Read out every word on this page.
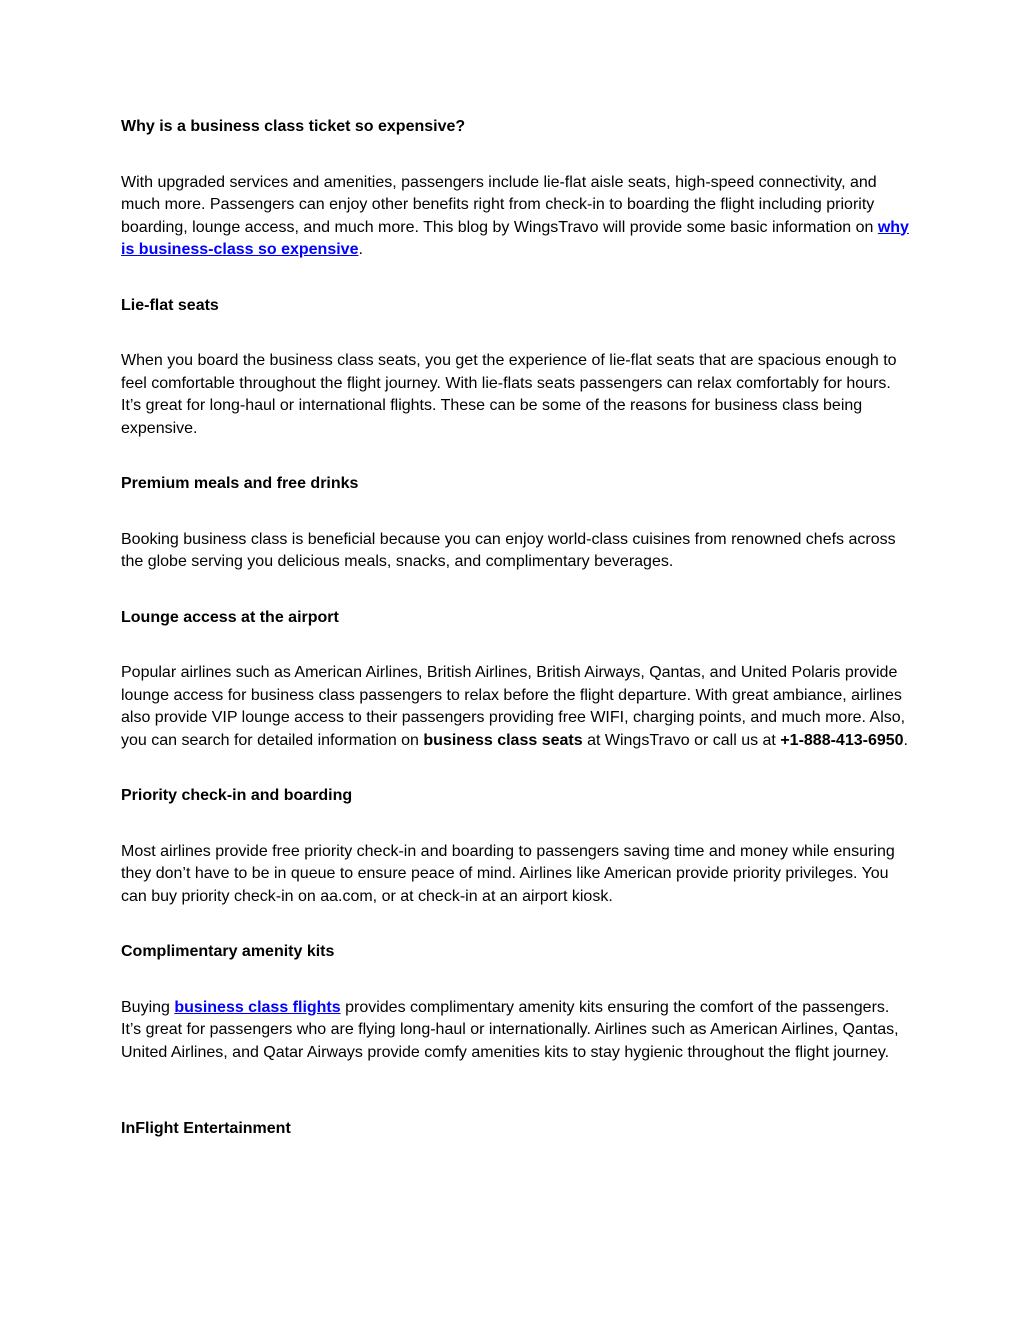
Why is a business class ticket so expensive?

With upgraded services and amenities, passengers include lie-flat aisle seats, high-speed connectivity, and much more. Passengers can enjoy other benefits right from check-in to boarding the flight including priority boarding, lounge access, and much more. This blog by WingsTravo will provide some basic information on why is business-class so expensive.

Lie-flat seats

When you board the business class seats, you get the experience of lie-flat seats that are spacious enough to feel comfortable throughout the flight journey. With lie-flats seats passengers can relax comfortably for hours. It’s great for long-haul or international flights. These can be some of the reasons for business class being expensive.

Premium meals and free drinks

Booking business class is beneficial because you can enjoy world-class cuisines from renowned chefs across the globe serving you delicious meals, snacks, and complimentary beverages.

Lounge access at the airport

Popular airlines such as American Airlines, British Airlines, British Airways, Qantas, and United Polaris provide lounge access for business class passengers to relax before the flight departure. With great ambiance, airlines also provide VIP lounge access to their passengers providing free WIFI, charging points, and much more. Also, you can search for detailed information on business class seats at WingsTravo or call us at +1-888-413-6950.

Priority check-in and boarding

Most airlines provide free priority check-in and boarding to passengers saving time and money while ensuring they don’t have to be in queue to ensure peace of mind. Airlines like American provide priority privileges. You can buy priority check-in on aa.com, or at check-in at an airport kiosk.

Complimentary amenity kits

Buying business class flights provides complimentary amenity kits ensuring the comfort of the passengers. It’s great for passengers who are flying long-haul or internationally. Airlines such as American Airlines, Qantas, United Airlines, and Qatar Airways provide comfy amenities kits to stay hygienic throughout the flight journey.

InFlight Entertainment
